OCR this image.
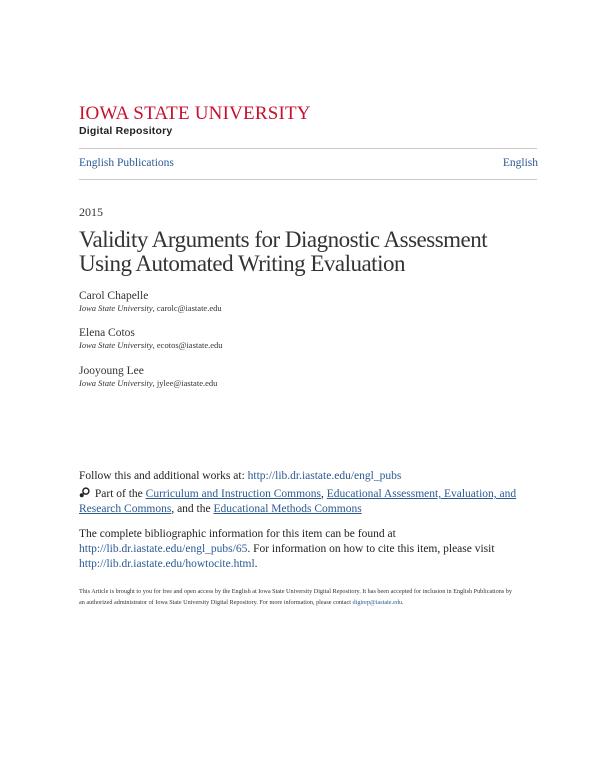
IOWA STATE UNIVERSITY
Digital Repository
English Publications	English
2015
Validity Arguments for Diagnostic Assessment Using Automated Writing Evaluation
Carol Chapelle
Iowa State University, carolc@iastate.edu
Elena Cotos
Iowa State University, ecotos@iastate.edu
Jooyoung Lee
Iowa State University, jylee@iastate.edu
Follow this and additional works at: http://lib.dr.iastate.edu/engl_pubs
Part of the Curriculum and Instruction Commons, Educational Assessment, Evaluation, and Research Commons, and the Educational Methods Commons
The complete bibliographic information for this item can be found at http://lib.dr.iastate.edu/engl_pubs/65. For information on how to cite this item, please visit http://lib.dr.iastate.edu/howtocite.html.
This Article is brought to you for free and open access by the English at Iowa State University Digital Repository. It has been accepted for inclusion in English Publications by an authorized administrator of Iowa State University Digital Repository. For more information, please contact digirep@iastate.edu.
